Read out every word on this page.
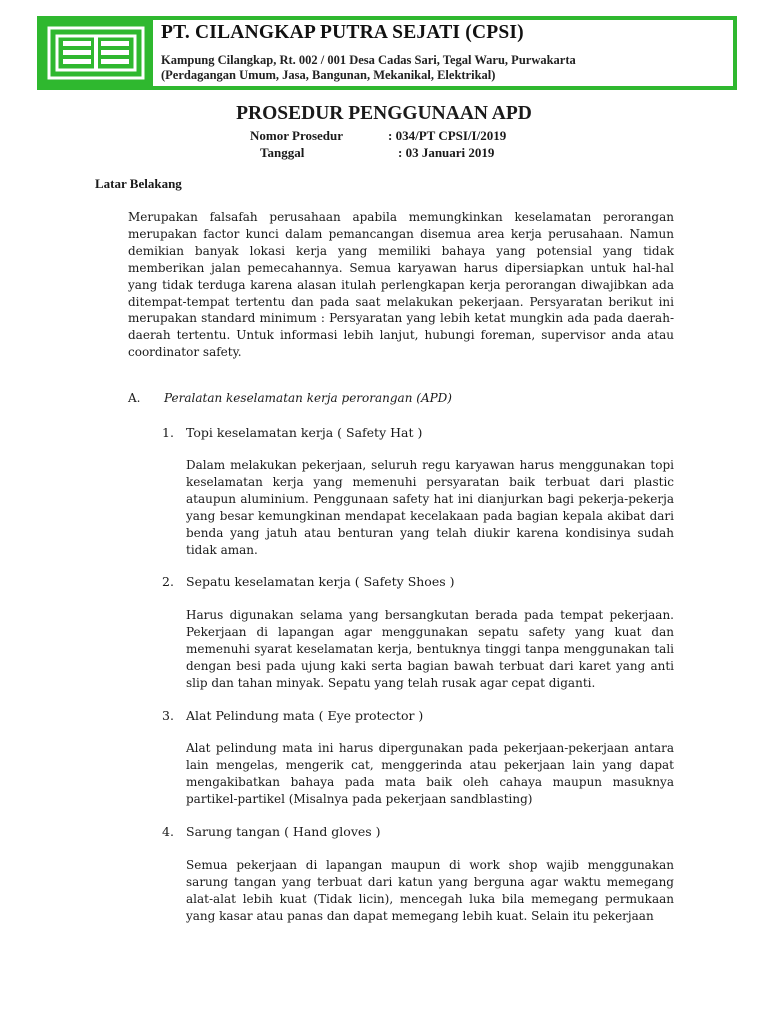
PT. CILANGKAP PUTRA SEJATI (CPSI)
Kampung Cilangkap, Rt. 002 / 001 Desa Cadas Sari, Tegal Waru, Purwakarta
(Perdagangan Umum, Jasa, Bangunan, Mekanikal, Elektrikal)
PROSEDUR PENGGUNAAN APD
Nomor Prosedur	: 034/PT CPSI/I/2019
Tanggal	: 03 Januari 2019
Latar Belakang

Merupakan falsafah perusahaan apabila memungkinkan keselamatan perorangan merupakan factor kunci dalam pemancangan disemua area kerja perusahaan. Namun demikian banyak lokasi kerja yang memiliki bahaya yang potensial yang tidak memberikan jalan pemecahannya. Semua karyawan harus dipersiapkan untuk hal-hal yang tidak terduga karena alasan itulah perlengkapan kerja perorangan diwajibkan ada ditempat-tempat tertentu dan pada saat melakukan pekerjaan. Persyaratan berikut ini merupakan standard minimum : Persyaratan yang lebih ketat mungkin ada pada daerah-daerah tertentu. Untuk informasi lebih lanjut, hubungi foreman, supervisor anda atau coordinator safety.

A. Peralatan keselamatan kerja perorangan (APD)
1. Topi keselamatan kerja ( Safety Hat )

Dalam melakukan pekerjaan, seluruh regu karyawan harus menggunakan topi keselamatan kerja yang memenuhi persyaratan baik terbuat dari plastic ataupun aluminium. Penggunaan safety hat ini dianjurkan bagi pekerja-pekerja yang besar kemungkinan mendapat kecelakaan pada bagian kepala akibat dari benda yang jatuh atau benturan yang telah diukir karena kondisinya sudah tidak aman.

2. Sepatu keselamatan kerja ( Safety Shoes )

Harus digunakan selama yang bersangkutan berada pada tempat pekerjaan. Pekerjaan di lapangan agar menggunakan sepatu safety yang kuat dan memenuhi syarat keselamatan kerja, bentuknya tinggi tanpa menggunakan tali dengan besi pada ujung kaki serta bagian bawah terbuat dari karet yang anti slip dan tahan minyak. Sepatu yang telah rusak agar cepat diganti.

3. Alat Pelindung mata ( Eye protector )

Alat pelindung mata ini harus dipergunakan pada pekerjaan-pekerjaan antara lain mengelas, mengerik cat, menggerinda atau pekerjaan lain yang dapat mengakibatkan bahaya pada mata baik oleh cahaya maupun masuknya partikel-partikel (Misalnya pada pekerjaan sandblasting)

4. Sarung tangan ( Hand gloves )

Semua pekerjaan di lapangan maupun di work shop wajib menggunakan sarung tangan yang terbuat dari katun yang berguna agar waktu memegang alat-alat lebih kuat (Tidak licin), mencegah luka bila memegang permukaan yang kasar atau panas dan dapat memegang lebih kuat. Selain itu pekerjaan
